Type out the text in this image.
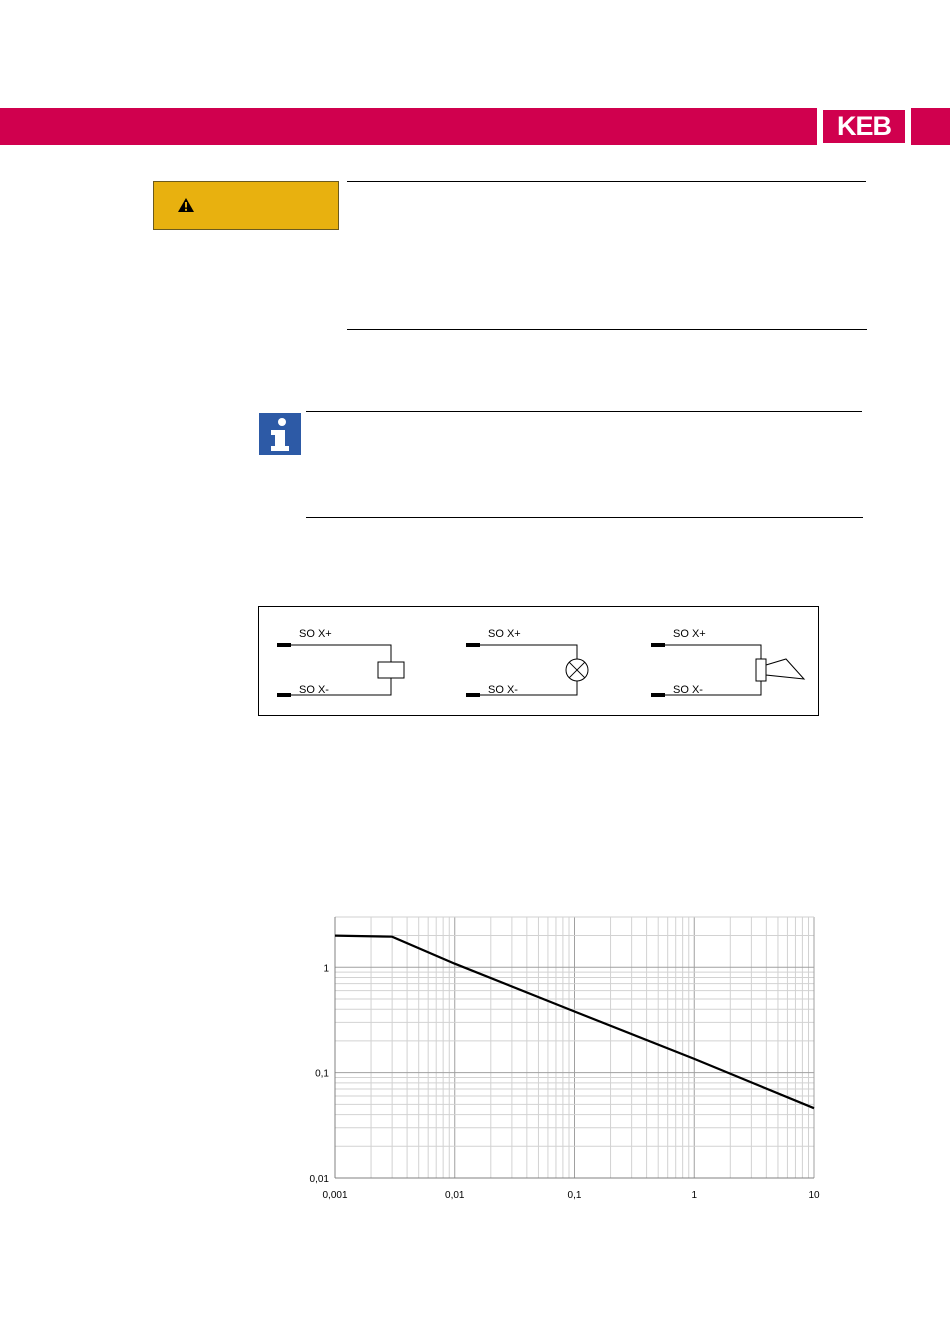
KEB
SO X+
SO X-
SO X+
SO X-
SO X+
SO X-
0,001	0,01	0,1	1	10
0,01
0,1
1
